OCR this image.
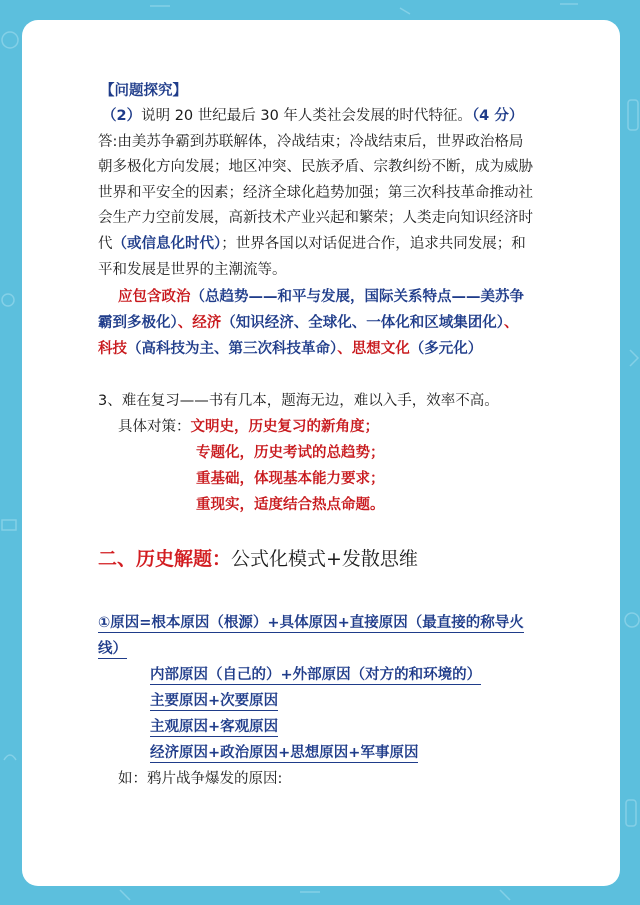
【问题探究】
（2）说明 20 世纪最后 30 年人类社会发展的时代特征。（4 分）
答:由美苏争霸到苏联解体，冷战结束；冷战结束后，世界政治格局
朝多极化方向发展；地区冲突、民族矛盾、宗教纠纷不断，成为威胁
世界和平安全的因素；经济全球化趋势加强；第三次科技革命推动社
会生产力空前发展，高新技术产业兴起和繁荣；人类走向知识经济时
代（或信息化时代）；世界各国以对话促进合作，追求共同发展；和
平和发展是世界的主潮流等。
应包含政治（总趋势——和平与发展，国际关系特点——美苏争
霸到多极化）、经济（知识经济、全球化、一体化和区域集团化）、
科技（高科技为主、第三次科技革命）、思想文化（多元化）
3、难在复习——书有几本，题海无边，难以入手，效率不高。
具体对策：文明史，历史复习的新角度；
专题化，历史考试的总趋势；
重基础，体现基本能力要求；
重现实，适度结合热点命题。
二、历史解题：公式化模式+发散思维
①原因=根本原因（根源）+具体原因+直接原因（最直接的称导火
线）
内部原因（自己的）+外部原因（对方的和环境的）
主要原因+次要原因
主观原因+客观原因
经济原因+政治原因+思想原因+军事原因
如：鸦片战争爆发的原因:
